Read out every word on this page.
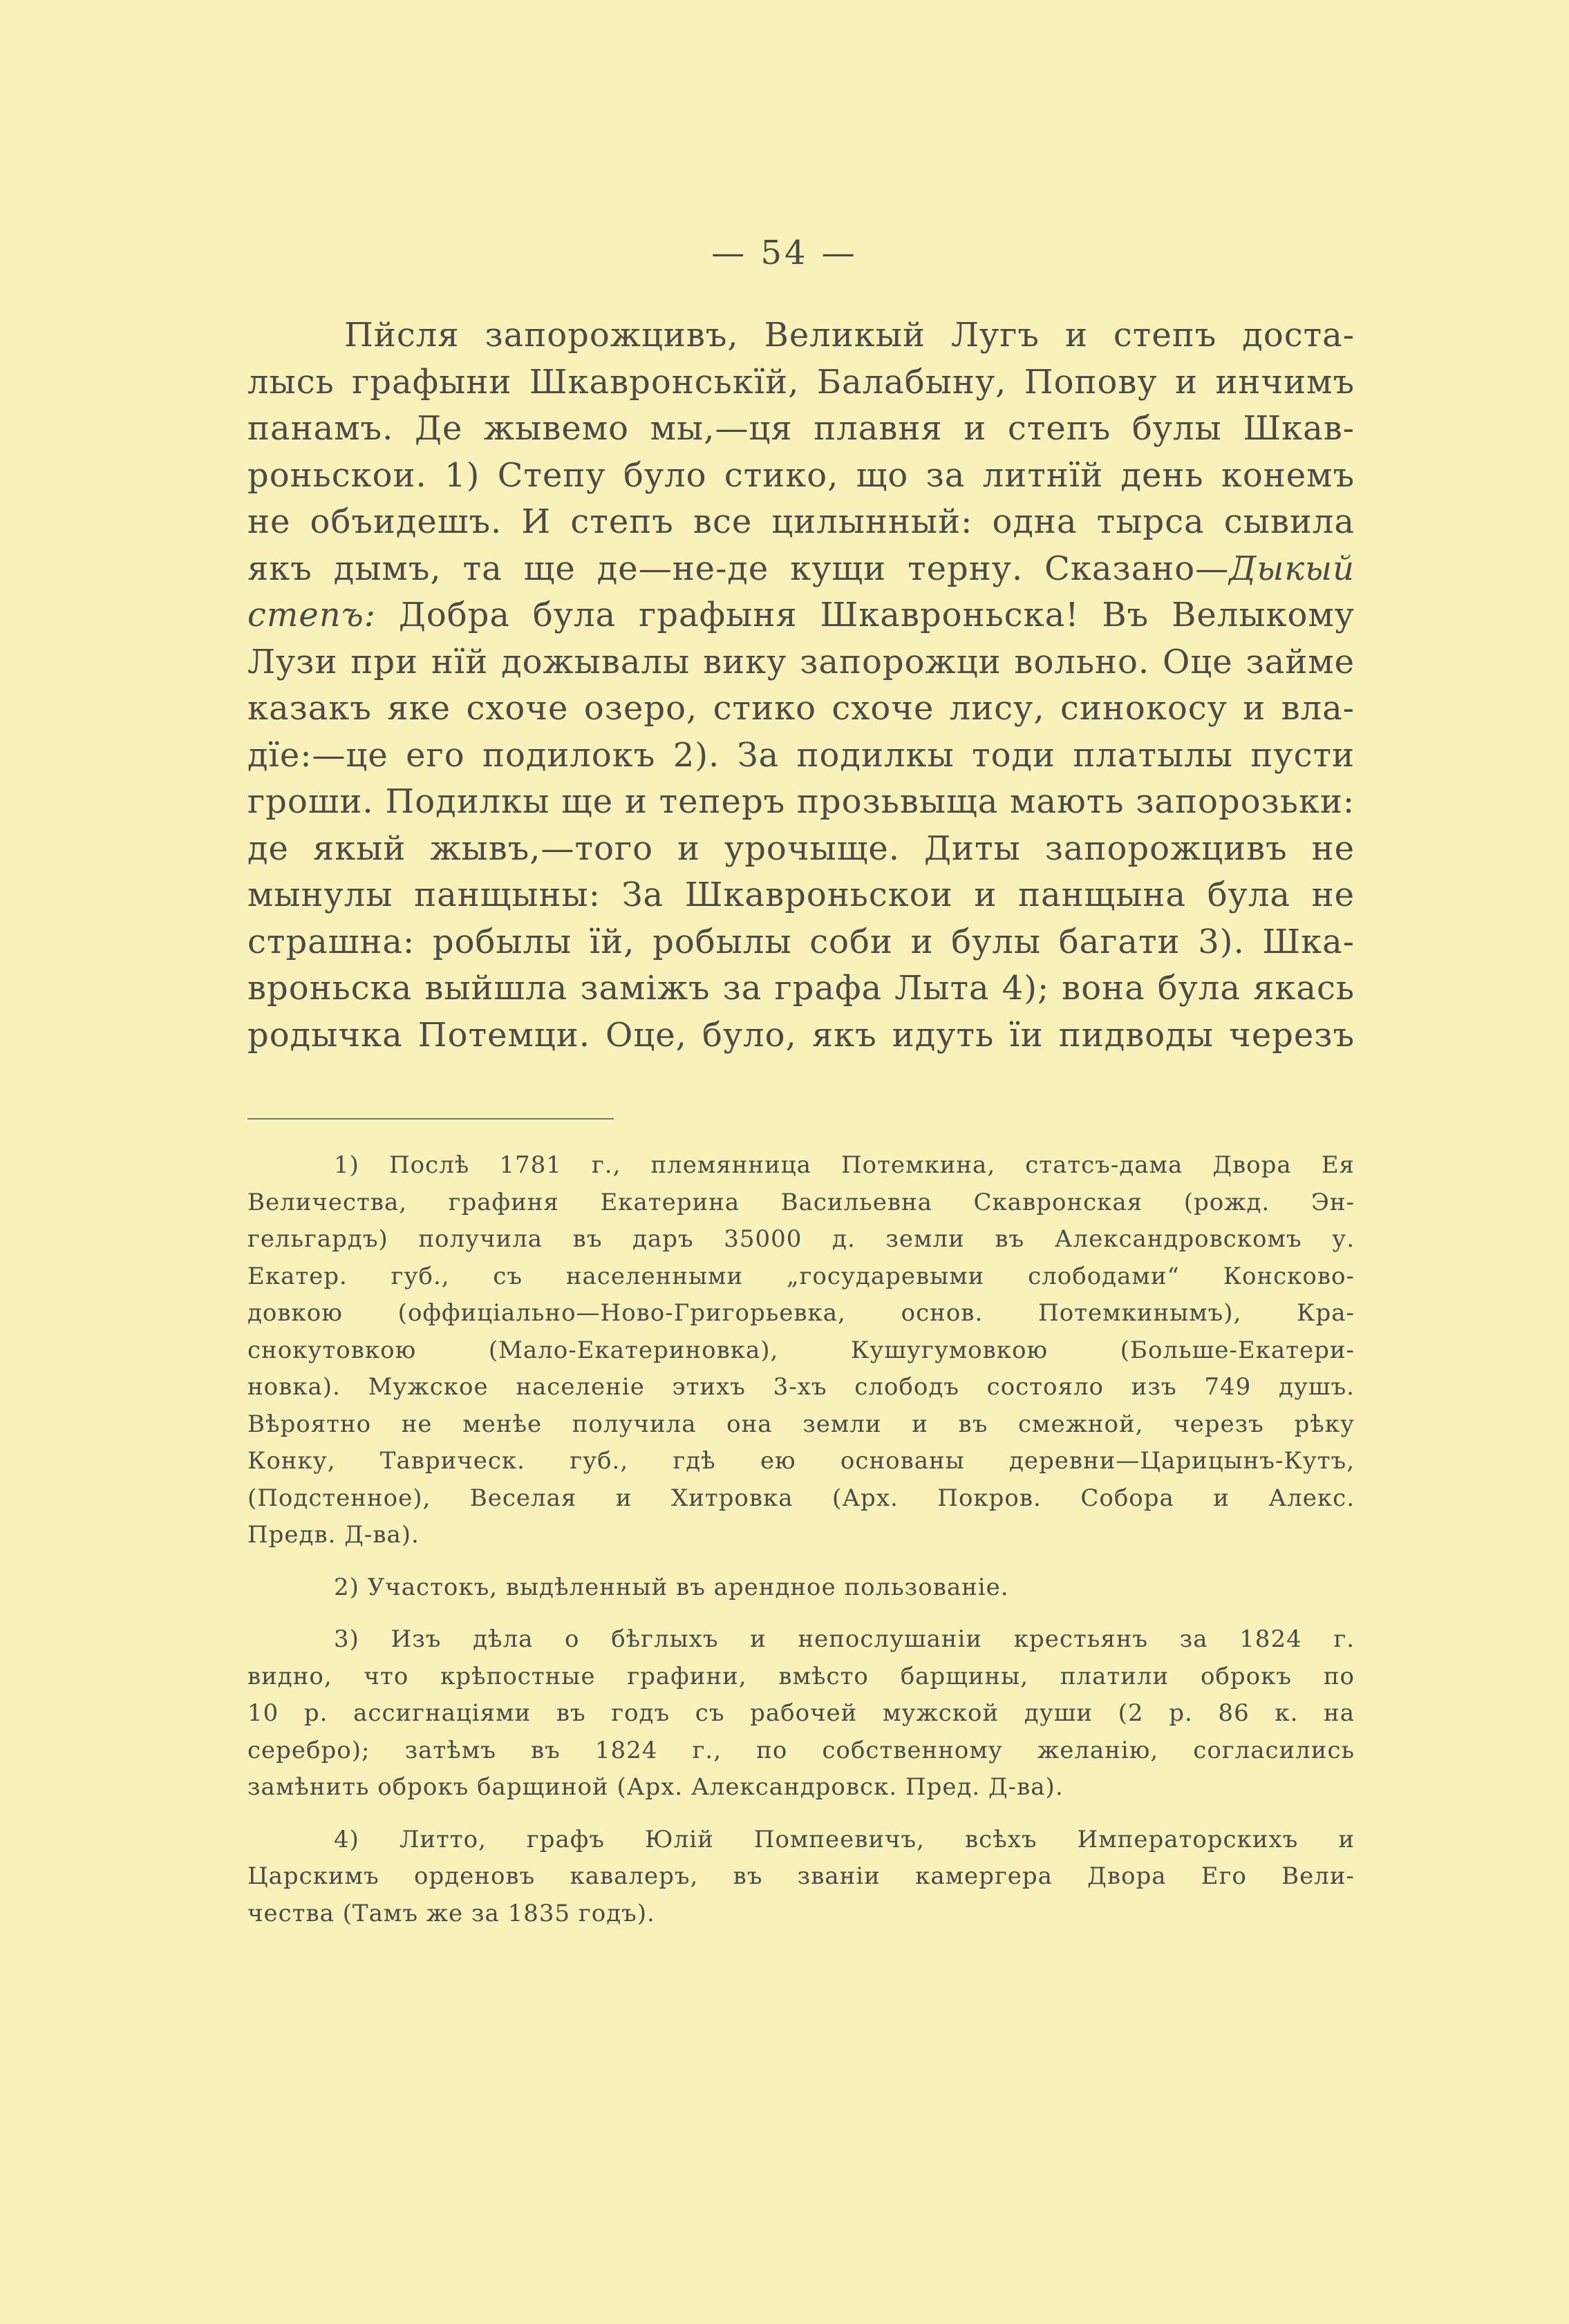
— 54 —
Пйсля запорожцивъ, Великый Лугъ и степъ доста-
лысь графыни Шкавронськїй, Балабыну, Попову и инчимъ
панамъ. Де жывемо мы,—ця плавня и степъ булы Шкав-
роньскои. 1) Степу було стико, що за литнїй день конемъ
не объидешъ. И степъ все цилынный: одна тырса сывила
якъ дымъ, та ще де—не-де кущи терну. Сказано—Дыкый
степъ: Добра була графыня Шкавроньска! Въ Велыкому
Лузи при нїй дожывалы вику запорожци вольно. Оце займе
казакъ яке схоче озеро, стико схоче лису, синокосу и вла-
дїе:—це его подилокъ 2). За подилкы тоди платылы пусти
гроши. Подилкы ще и теперъ прозьвыща мають запорозьки:
де якый жывъ,—того и урочыще. Диты запорожцивъ не
мынулы панщыны: За Шкавроньскои и панщына була не
страшна: робылы їй, робылы соби и булы багати 3). Шка-
вроньска выйшла заміжъ за графа Лыта 4); вона була якась
родычка Потемци. Оце, було, якъ идуть їи пидводы черезъ
1) Послѣ 1781 г., племянница Потемкина, статсъ-дама Двора Ея
Величества, графиня Екатерина Васильевна Скавронская (рожд. Эн-
гельгардъ) получила въ даръ 35000 д. земли въ Александровскомъ у.
Екатер. губ., съ населенными „государевыми слободами“ Консково-
довкою (оффиціально—Ново-Григорьевка, основ. Потемкинымъ), Кра-
снокутовкою (Мало-Екатериновка), Кушугумовкою (Больше-Екатери-
новка). Мужское населеніе этихъ 3-хъ слободъ состояло изъ 749 душъ.
Вѣроятно не менѣе получила она земли и въ смежной, черезъ рѣку
Конку, Таврическ. губ., гдѣ ею основаны деревни—Царицынъ-Кутъ,
(Подстенное), Веселая и Хитровка (Арх. Покров. Собора и Алекс.
Предв. Д-ва).
2) Участокъ, выдѣленный въ арендное пользованіе.
3) Изъ дѣла о бѣглыхъ и непослушаніи крестьянъ за 1824 г.
видно, что крѣпостные графини, вмѣсто барщины, платили оброкъ по
10 р. ассигнаціями въ годъ съ рабочей мужской души (2 р. 86 к. на
серебро); затѣмъ въ 1824 г., по собственному желанію, согласились
замѣнить оброкъ барщиной (Арх. Александровск. Пред. Д-ва).
4) Литто, графъ Юлій Помпеевичъ, всѣхъ Императорскихъ и
Царскимъ орденовъ кавалеръ, въ званіи камергера Двора Его Вели-
чества (Тамъ же за 1835 годъ).
